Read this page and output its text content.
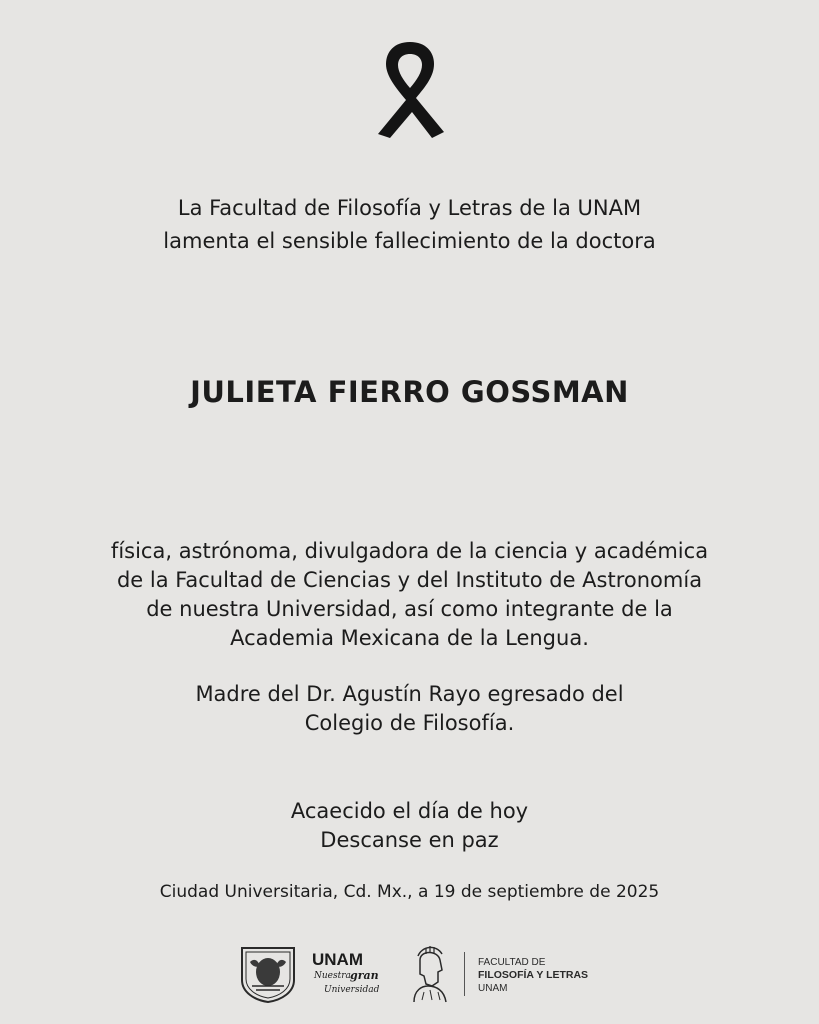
La Facultad de Filosofía y Letras de la UNAM
lamenta el sensible fallecimiento de la doctora
JULIETA FIERRO GOSSMAN
física, astrónoma, divulgadora de la ciencia y académica
de la Facultad de Ciencias y del Instituto de Astronomía
de nuestra Universidad, así como integrante de la
Academia Mexicana de la Lengua.
Madre del Dr. Agustín Rayo egresado del
Colegio de Filosofía.
Acaecido el día de hoy
Descanse en paz
Ciudad Universitaria, Cd. Mx., a 19 de septiembre de 2025
UNAM
Nuestra gran
Universidad
FACULTAD DE
FILOSOFÍA Y LETRAS
UNAM
